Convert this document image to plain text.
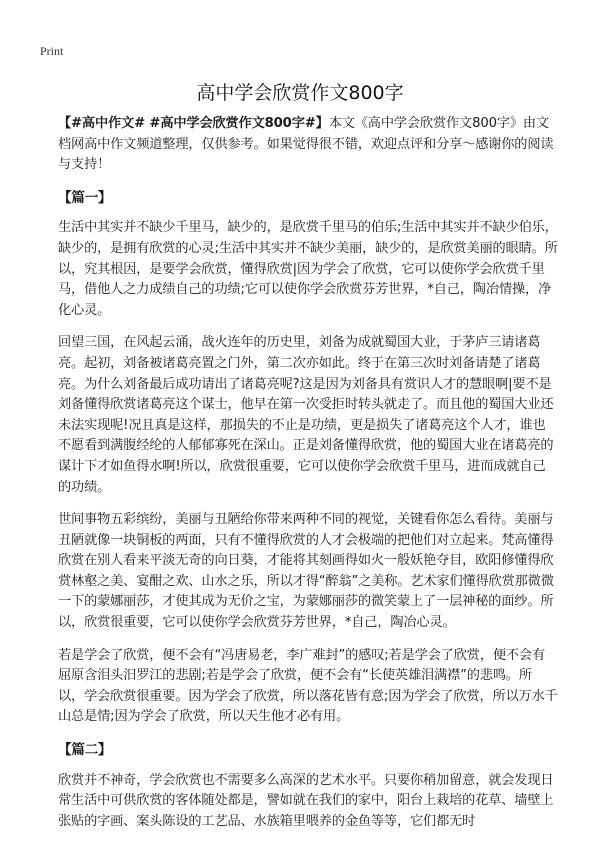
Print
高中学会欣赏作文800字

【#高中作文# #高中学会欣赏作文800字#】本文《高中学会欣赏作文800字》由文档网高中作文频道整理，仅供参考。如果觉得很不错，欢迎点评和分享～感谢你的阅读与支持！

【篇一】

生活中其实并不缺少千里马，缺少的，是欣赏千里马的伯乐;生活中其实并不缺少伯乐，缺少的，是拥有欣赏的心灵;生活中其实并不缺少美丽，缺少的，是欣赏美丽的眼睛。所以，究其根因，是要学会欣赏，懂得欣赏|因为学会了欣赏，它可以使你学会欣赏千里马，借他人之力成绩自己的功绩;它可以使你学会欣赏芬芳世界，*自己，陶冶情操，净化心灵。

回望三国，在风起云涌，战火连年的历史里，刘备为成就蜀国大业，于茅庐三请诸葛亮。起初，刘备被诸葛亮置之门外，第二次亦如此。终于在第三次时刘备请楚了诸葛亮。为什么刘备最后成功请出了诸葛亮呢?这是因为刘备具有赏识人才的慧眼啊|要不是刘备懂得欣赏诸葛亮这个谋士，他早在第一次受拒时转头就走了。而且他的蜀国大业还未法实现呢!况且真是这样，那损失的不止是功绩，更是损失了诸葛亮这个人才，谁也不愿看到满腹经纶的人郁郁寡死在深山。正是刘备懂得欣赏，他的蜀国大业在诸葛亮的谋计下才如鱼得水啊!所以，欣赏很重要，它可以使你学会欣赏千里马，进而成就自己的功绩。

世间事物五彩缤纷，美丽与丑陋给你带来两种不同的视觉，关键看你怎么看待。美丽与丑陋就像一块铜板的两面，只有不懂得欣赏的人才会极端的把他们对立起来。梵高懂得欣赏在别人看来平淡无奇的向日葵，才能将其刻画得如火一般妖艳夺目，欧阳修懂得欣赏林壑之美、宴酣之欢、山水之乐，所以才得“醉翁”之美称。艺术家们懂得欣赏那微微一下的蒙娜丽莎，才使其成为无价之宝，为蒙娜丽莎的微笑蒙上了一层神秘的面纱。所以，欣赏很重要，它可以使你学会欣赏芬芳世界，*自己，陶冶心灵。

若是学会了欣赏，便不会有“冯唐易老，李广难封”的感叹;若是学会了欣赏，便不会有屈原含泪头汨罗江的悲剧;若是学会了欣赏，便不会有“长使英雄泪满襟”的悲鸣。所以，学会欣赏很重要。因为学会了欣赏，所以落花皆有意;因为学会了欣赏，所以万水千山总是情;因为学会了欣赏，所以天生他才必有用。

【篇二】

欣赏并不神奇，学会欣赏也不需要多么高深的艺术水平。只要你稍加留意，就会发现日常生活中可供欣赏的客体随处都是，譬如就在我们的家中，阳台上栽培的花草、墙壁上张贴的字画、案头陈设的工艺品、水族箱里喂养的金鱼等等，它们都无时
